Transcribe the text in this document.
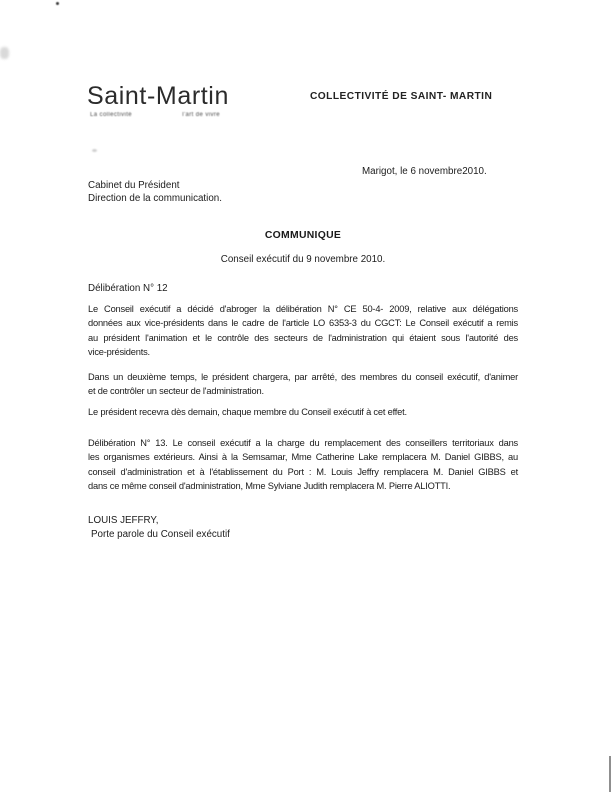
Saint-Martin
La collectivité	l'art de vivre
COLLECTIVITÉ DE SAINT- MARTIN
Marigot, le 6 novembre2010.
Cabinet du Président
Direction de la communication.
COMMUNIQUE
Conseil exécutif du 9 novembre 2010.
Délibération N° 12
Le Conseil exécutif a décidé d'abroger la délibération N° CE 50-4- 2009, relative aux délégations
données aux vice-présidents dans le cadre de l'article LO 6353-3 du CGCT: Le Conseil exécutif a remis
au président l'animation et le contrôle des secteurs de l'administration qui étaient sous l'autorité des
vice-présidents.
Dans un deuxième temps, le président chargera, par arrêté, des membres du conseil exécutif, d'animer
et de contrôler un secteur de l'administration.
Le président recevra dès demain, chaque membre du Conseil exécutif à cet effet.
Délibération N° 13. Le conseil exécutif a la charge du remplacement des conseillers territoriaux dans
les organismes extérieurs. Ainsi à la Semsamar, Mme Catherine Lake remplacera M. Daniel GIBBS, au
conseil d'administration et à l'établissement du Port : M. Louis Jeffry remplacera M. Daniel GIBBS et
dans ce même conseil d'administration, Mme Sylviane Judith remplacera M. Pierre ALIOTTI.
LOUIS JEFFRY,
Porte parole du Conseil exécutif
